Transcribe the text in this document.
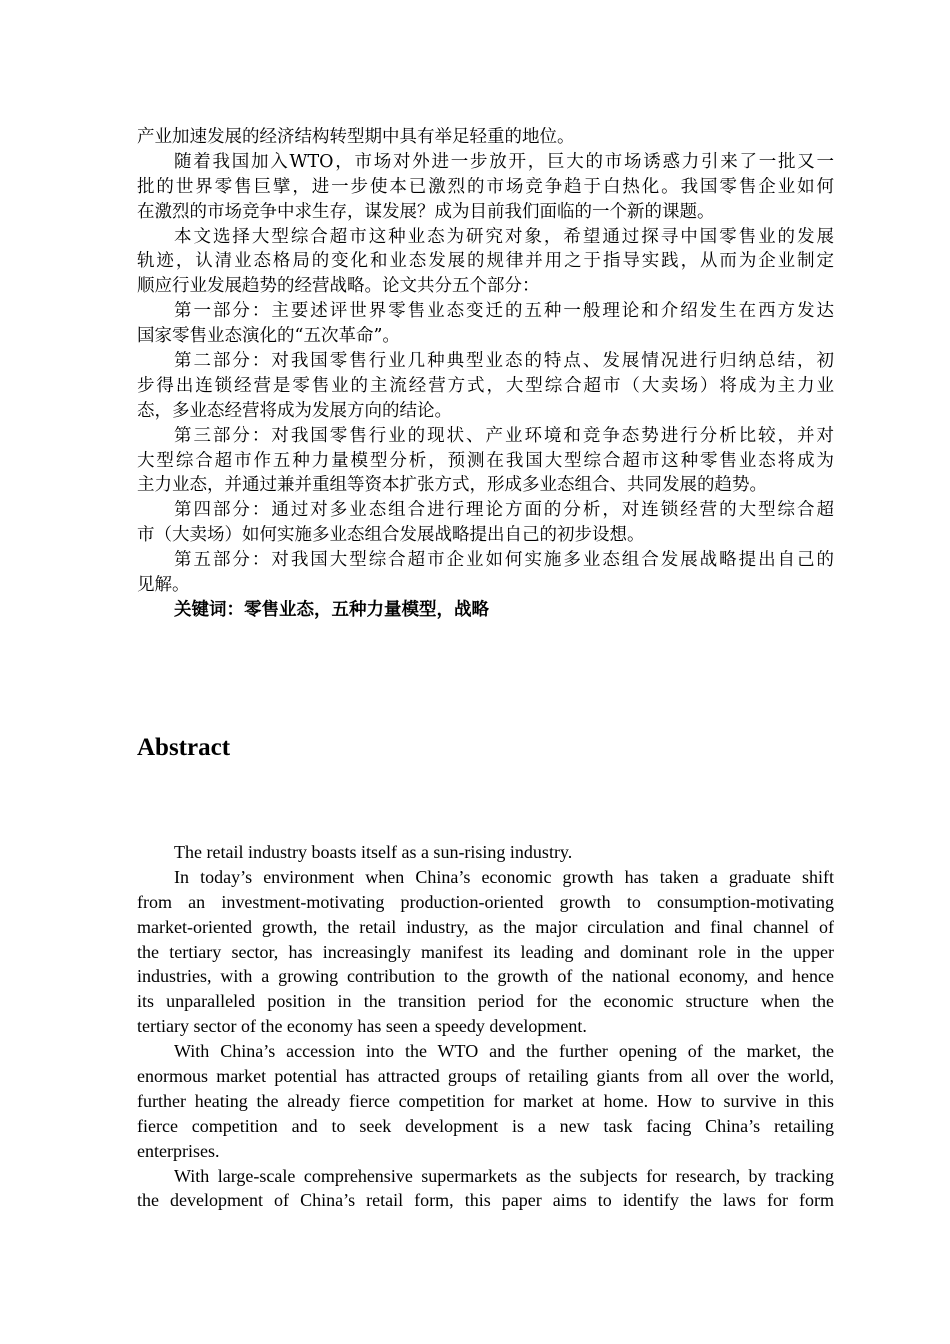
产业加速发展的经济结构转型期中具有举足轻重的地位。
随着我国加入WTO，市场对外进一步放开，巨大的市场诱惑力引来了一批又一
批的世界零售巨擘，进一步使本已激烈的市场竞争趋于白热化。我国零售企业如何
在激烈的市场竞争中求生存，谋发展？成为目前我们面临的一个新的课题。
本文选择大型综合超市这种业态为研究对象，希望通过探寻中国零售业的发展
轨迹，认清业态格局的变化和业态发展的规律并用之于指导实践，从而为企业制定
顺应行业发展趋势的经营战略。论文共分五个部分：
第一部分：主要述评世界零售业态变迁的五种一般理论和介绍发生在西方发达
国家零售业态演化的“五次革命”。
第二部分：对我国零售行业几种典型业态的特点、发展情况进行归纳总结，初
步得出连锁经营是零售业的主流经营方式，大型综合超市（大卖场）将成为主力业
态，多业态经营将成为发展方向的结论。
第三部分：对我国零售行业的现状、产业环境和竞争态势进行分析比较，并对
大型综合超市作五种力量模型分析，预测在我国大型综合超市这种零售业态将成为
主力业态，并通过兼并重组等资本扩张方式，形成多业态组合、共同发展的趋势。
第四部分：通过对多业态组合进行理论方面的分析，对连锁经营的大型综合超
市（大卖场）如何实施多业态组合发展战略提出自己的初步设想。
第五部分：对我国大型综合超市企业如何实施多业态组合发展战略提出自己的
见解。
关键词：零售业态，五种力量模型，战略
Abstract
The retail industry boasts itself as a sun-rising industry.
In today’s environment when China’s economic growth has taken a graduate shift
from an investment-motivating production-oriented growth to consumption-motivating
market-oriented growth, the retail industry, as the major circulation and final channel of
the tertiary sector, has increasingly manifest its leading and dominant role in the upper
industries, with a growing contribution to the growth of the national economy, and hence
its unparalleled position in the transition period for the economic structure when the
tertiary sector of the economy has seen a speedy development.
With China’s accession into the WTO and the further opening of the market, the
enormous market potential has attracted groups of retailing giants from all over the world,
further heating the already fierce competition for market at home. How to survive in this
fierce competition and to seek development is a new task facing China’s retailing
enterprises.
With large-scale comprehensive supermarkets as the subjects for research, by tracking
the development of China’s retail form, this paper aims to identify the laws for form
